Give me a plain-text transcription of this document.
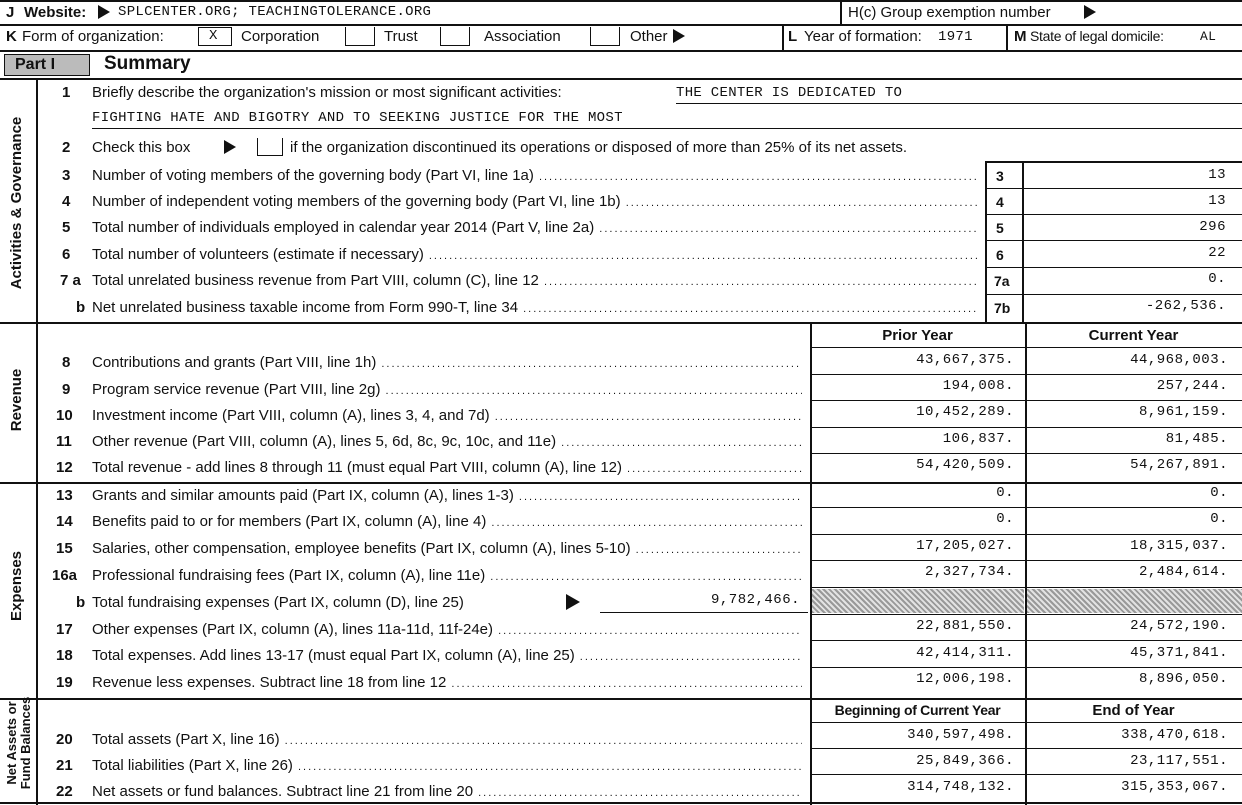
J Website: SPLCENTER.ORG; TEACHINGTOLERANCE.ORG	H(c) Group exemption number
K Form of organization:	X Corporation	Trust	Association	Other	L Year of formation: 1971	M State of legal domicile:	AL
Part I	Summary
Activities & Governance
Revenue
Expenses
Net Assets or Fund Balances
1 Briefly describe the organization's mission or most significant activities:	THE CENTER IS DEDICATED TO
FIGHTING HATE AND BIGOTRY AND TO SEEKING JUSTICE FOR THE MOST
2 Check this box	if the organization discontinued its operations or disposed of more than 25% of its net assets.
3 Number of voting members of the governing body (Part VI, line 1a) .....	3	13
4 Number of independent voting members of the governing body (Part VI, line 1b) .....	4	13
5 Total number of individuals employed in calendar year 2014 (Part V, line 2a) .....	5	296
6 Total number of volunteers (estimate if necessary) .....	6	22
7 a Total unrelated business revenue from Part VIII, column (C), line 12 .....	7a	0.
b Net unrelated business taxable income from Form 990-T, line 34 .....	7b	-262,536.
Prior Year	Current Year
8 Contributions and grants (Part VIII, line 1h) .....	43,667,375.	44,968,003.
9 Program service revenue (Part VIII, line 2g) .....	194,008.	257,244.
10 Investment income (Part VIII, column (A), lines 3, 4, and 7d) .....	10,452,289.	8,961,159.
11 Other revenue (Part VIII, column (A), lines 5, 6d, 8c, 9c, 10c, and 11e) .....	106,837.	81,485.
12 Total revenue - add lines 8 through 11 (must equal Part VIII, column (A), line 12) .....	54,420,509.	54,267,891.
13 Grants and similar amounts paid (Part IX, column (A), lines 1-3) .....	0.	0.
14 Benefits paid to or for members (Part IX, column (A), line 4) .....	0.	0.
15 Salaries, other compensation, employee benefits (Part IX, column (A), lines 5-10) .....	17,205,027.	18,315,037.
16a Professional fundraising fees (Part IX, column (A), line 11e) .....	2,327,734.	2,484,614.
b Total fundraising expenses (Part IX, column (D), line 25)	9,782,466.
17 Other expenses (Part IX, column (A), lines 11a-11d, 11f-24e) .....	22,881,550.	24,572,190.
18 Total expenses. Add lines 13-17 (must equal Part IX, column (A), line 25) .....	42,414,311.	45,371,841.
19 Revenue less expenses. Subtract line 18 from line 12 .....	12,006,198.	8,896,050.
Beginning of Current Year	End of Year
20 Total assets (Part X, line 16) .....	340,597,498.	338,470,618.
21 Total liabilities (Part X, line 26) .....	25,849,366.	23,117,551.
22 Net assets or fund balances. Subtract line 21 from line 20 .....	314,748,132.	315,353,067.
